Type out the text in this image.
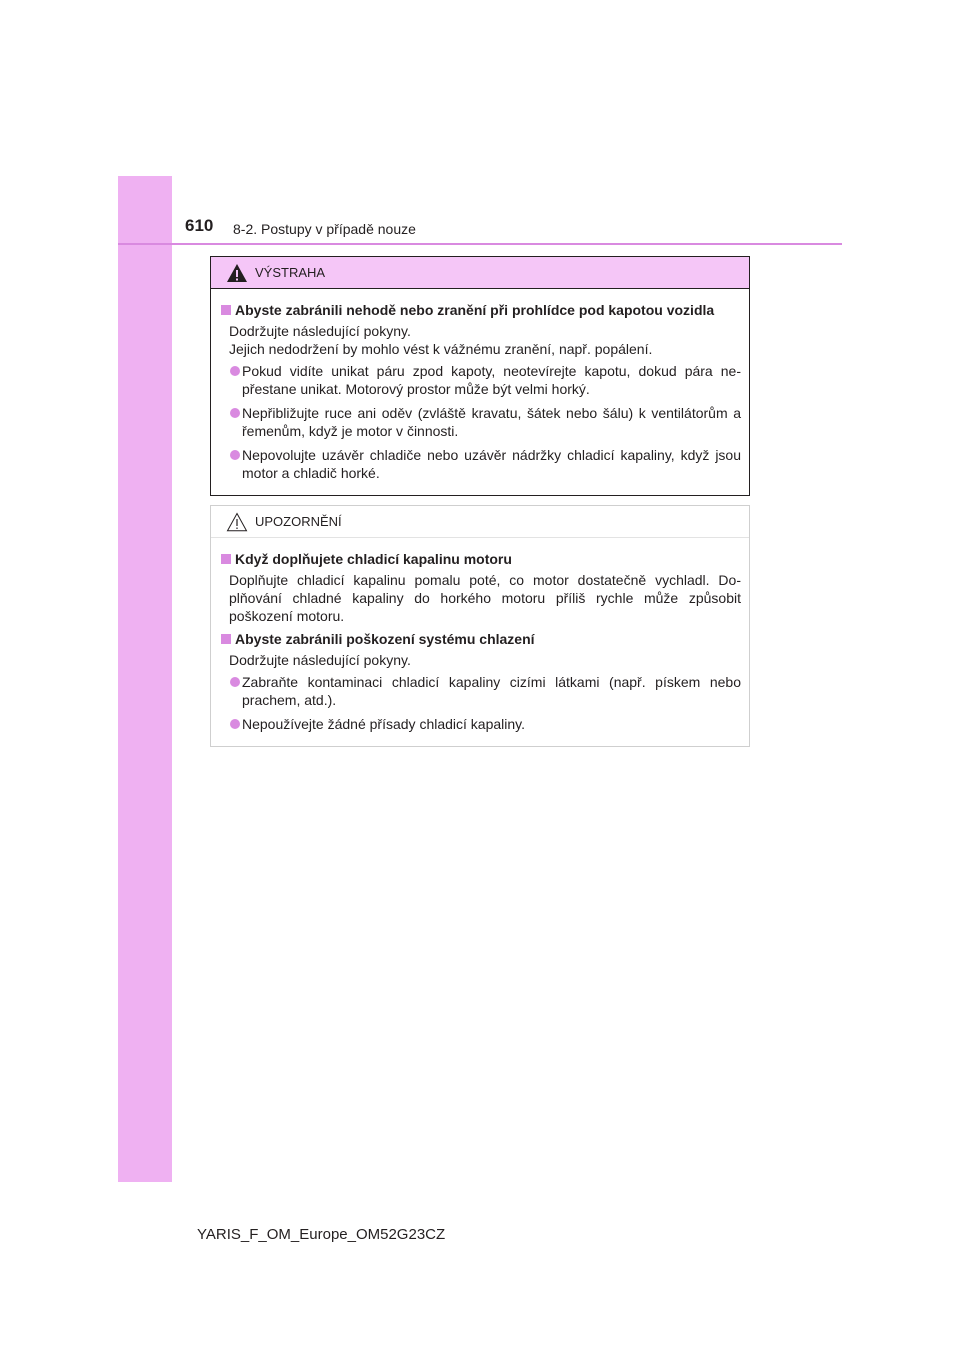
610 8-2. Postupy v případě nouze
VÝSTRAHA
Abyste zabránili nehodě nebo zranění při prohlídce pod kapotou vozidla

Dodržujte následující pokyny.

Jejich nedodržení by mohlo vést k vážnému zranění, např. popálení.

Pokud vidíte unikat páru zpod kapoty, neotevírejte kapotu, dokud pára ne-přestane unikat. Motorový prostor může být velmi horký.
Nepřibližujte ruce ani oděv (zvláště kravatu, šátek nebo šálu) k ventilátorům a řemenům, když je motor v činnosti.
Nepovolujte uzávěr chladiče nebo uzávěr nádržky chladicí kapaliny, když jsou motor a chladič horké.
UPOZORNĚNÍ
Když doplňujete chladicí kapalinu motoru

Doplňujte chladicí kapalinu pomalu poté, co motor dostatečně vychladl. Do-plňování chladné kapaliny do horkého motoru příliš rychle může způsobit poškození motoru.

Abyste zabránili poškození systému chlazení

Dodržujte následující pokyny.

Zabraňte kontaminaci chladicí kapaliny cizími látkami (např. pískem nebo prachem, atd.).
Nepoužívejte žádné přísady chladicí kapaliny.
YARIS_F_OM_Europe_OM52G23CZ
